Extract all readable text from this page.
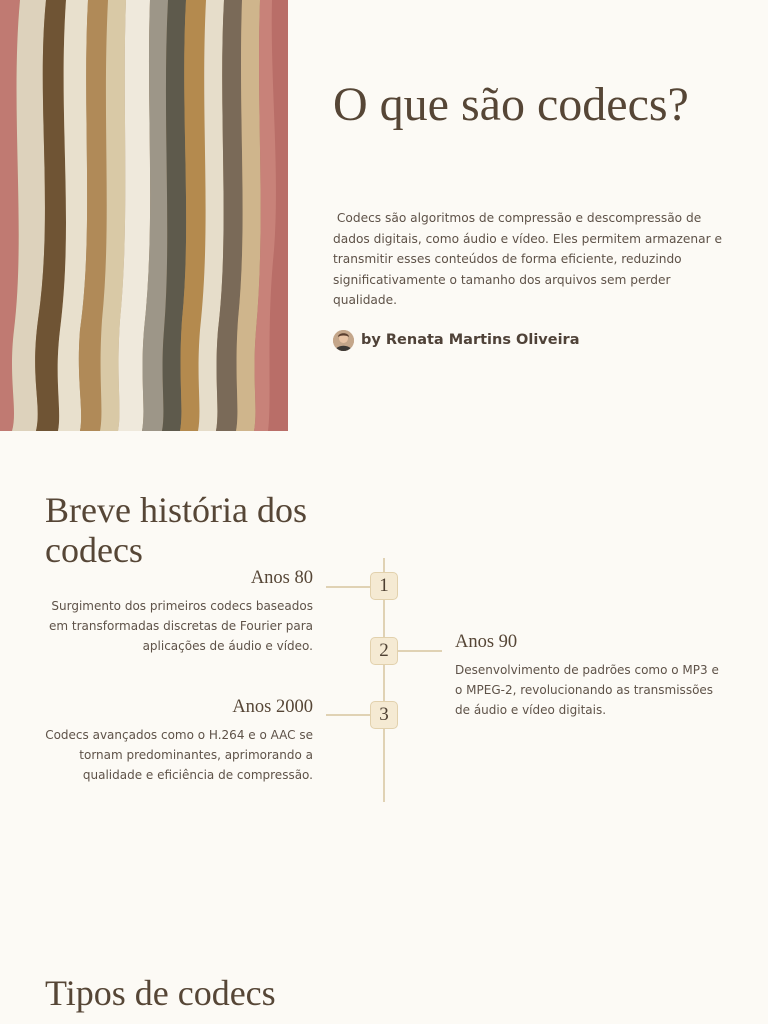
O que são codecs?

Codecs são algoritmos de compressão e descompressão de dados digitais, como áudio e vídeo. Eles permitem armazenar e transmitir esses conteúdos de forma eficiente, reduzindo significativamente o tamanho dos arquivos sem perder qualidade.

by Renata Martins Oliveira
Breve história dos codecs
1
Anos 80

Surgimento dos primeiros codecs baseados em transformadas discretas de Fourier para aplicações de áudio e vídeo.	2	Anos 90

Desenvolvimento de padrões como o MP3 e o MPEG-2, revolucionando as transmissões de áudio e vídeo digitais.

3
Anos 2000

Codecs avançados como o H.264 e o AAC se tornam predominantes, aprimorando a qualidade e eficiência de compressão.

Tipos de codecs
